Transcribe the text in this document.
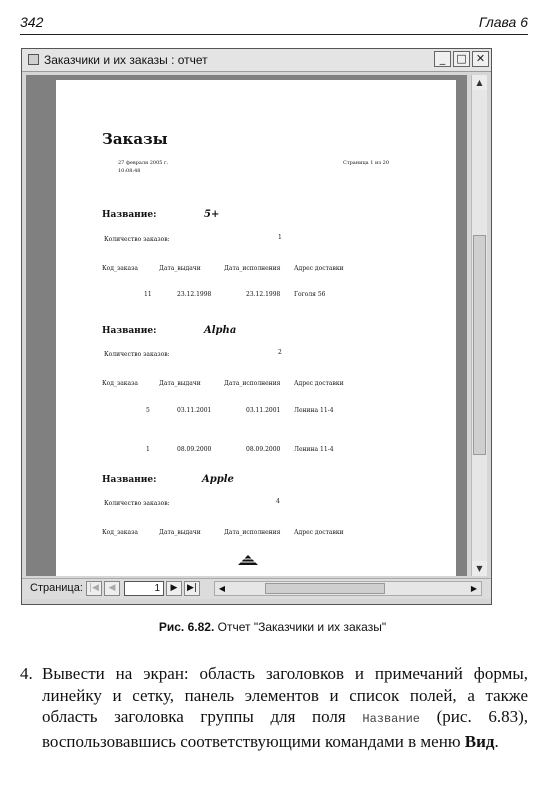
342	Глава 6
Заказчики и их заказы : отчет	_	□ ✕
Заказы
27 февраля 2005 г.
10:08:48
Страница 1 из 20
Название:	5+
Количество заказов:	1
Код_заказа	Дата_выдачи	Дата_исполнения Адрес доставки
11	23.12.1998	23.12.1998 Гоголя 56
Название:	Alpha
Количество заказов:	2
Код_заказа	Дата_выдачи	Дата_исполнения Адрес доставки
5	03.11.2001	03.11.2001 Ленина 11-4
1	08.09.2000	08.09.2000 Ленина 11-4
Название:	Apple
Количество заказов:	4
Код_заказа	Дата_выдачи	Дата_исполнения Адрес доставки
▲
▼
Страница: |◀	◀	1	▶	▶|	◀	▶
Рис. 6.82. Отчет "Заказчики и их заказы"
4. Вывести на экран: область заголовков и примечаний формы, линейку и сетку, панель элементов и список полей, а также область заголовка группы для поля Название (рис. 6.83), воспользовавшись соответствующими командами в меню Вид.
